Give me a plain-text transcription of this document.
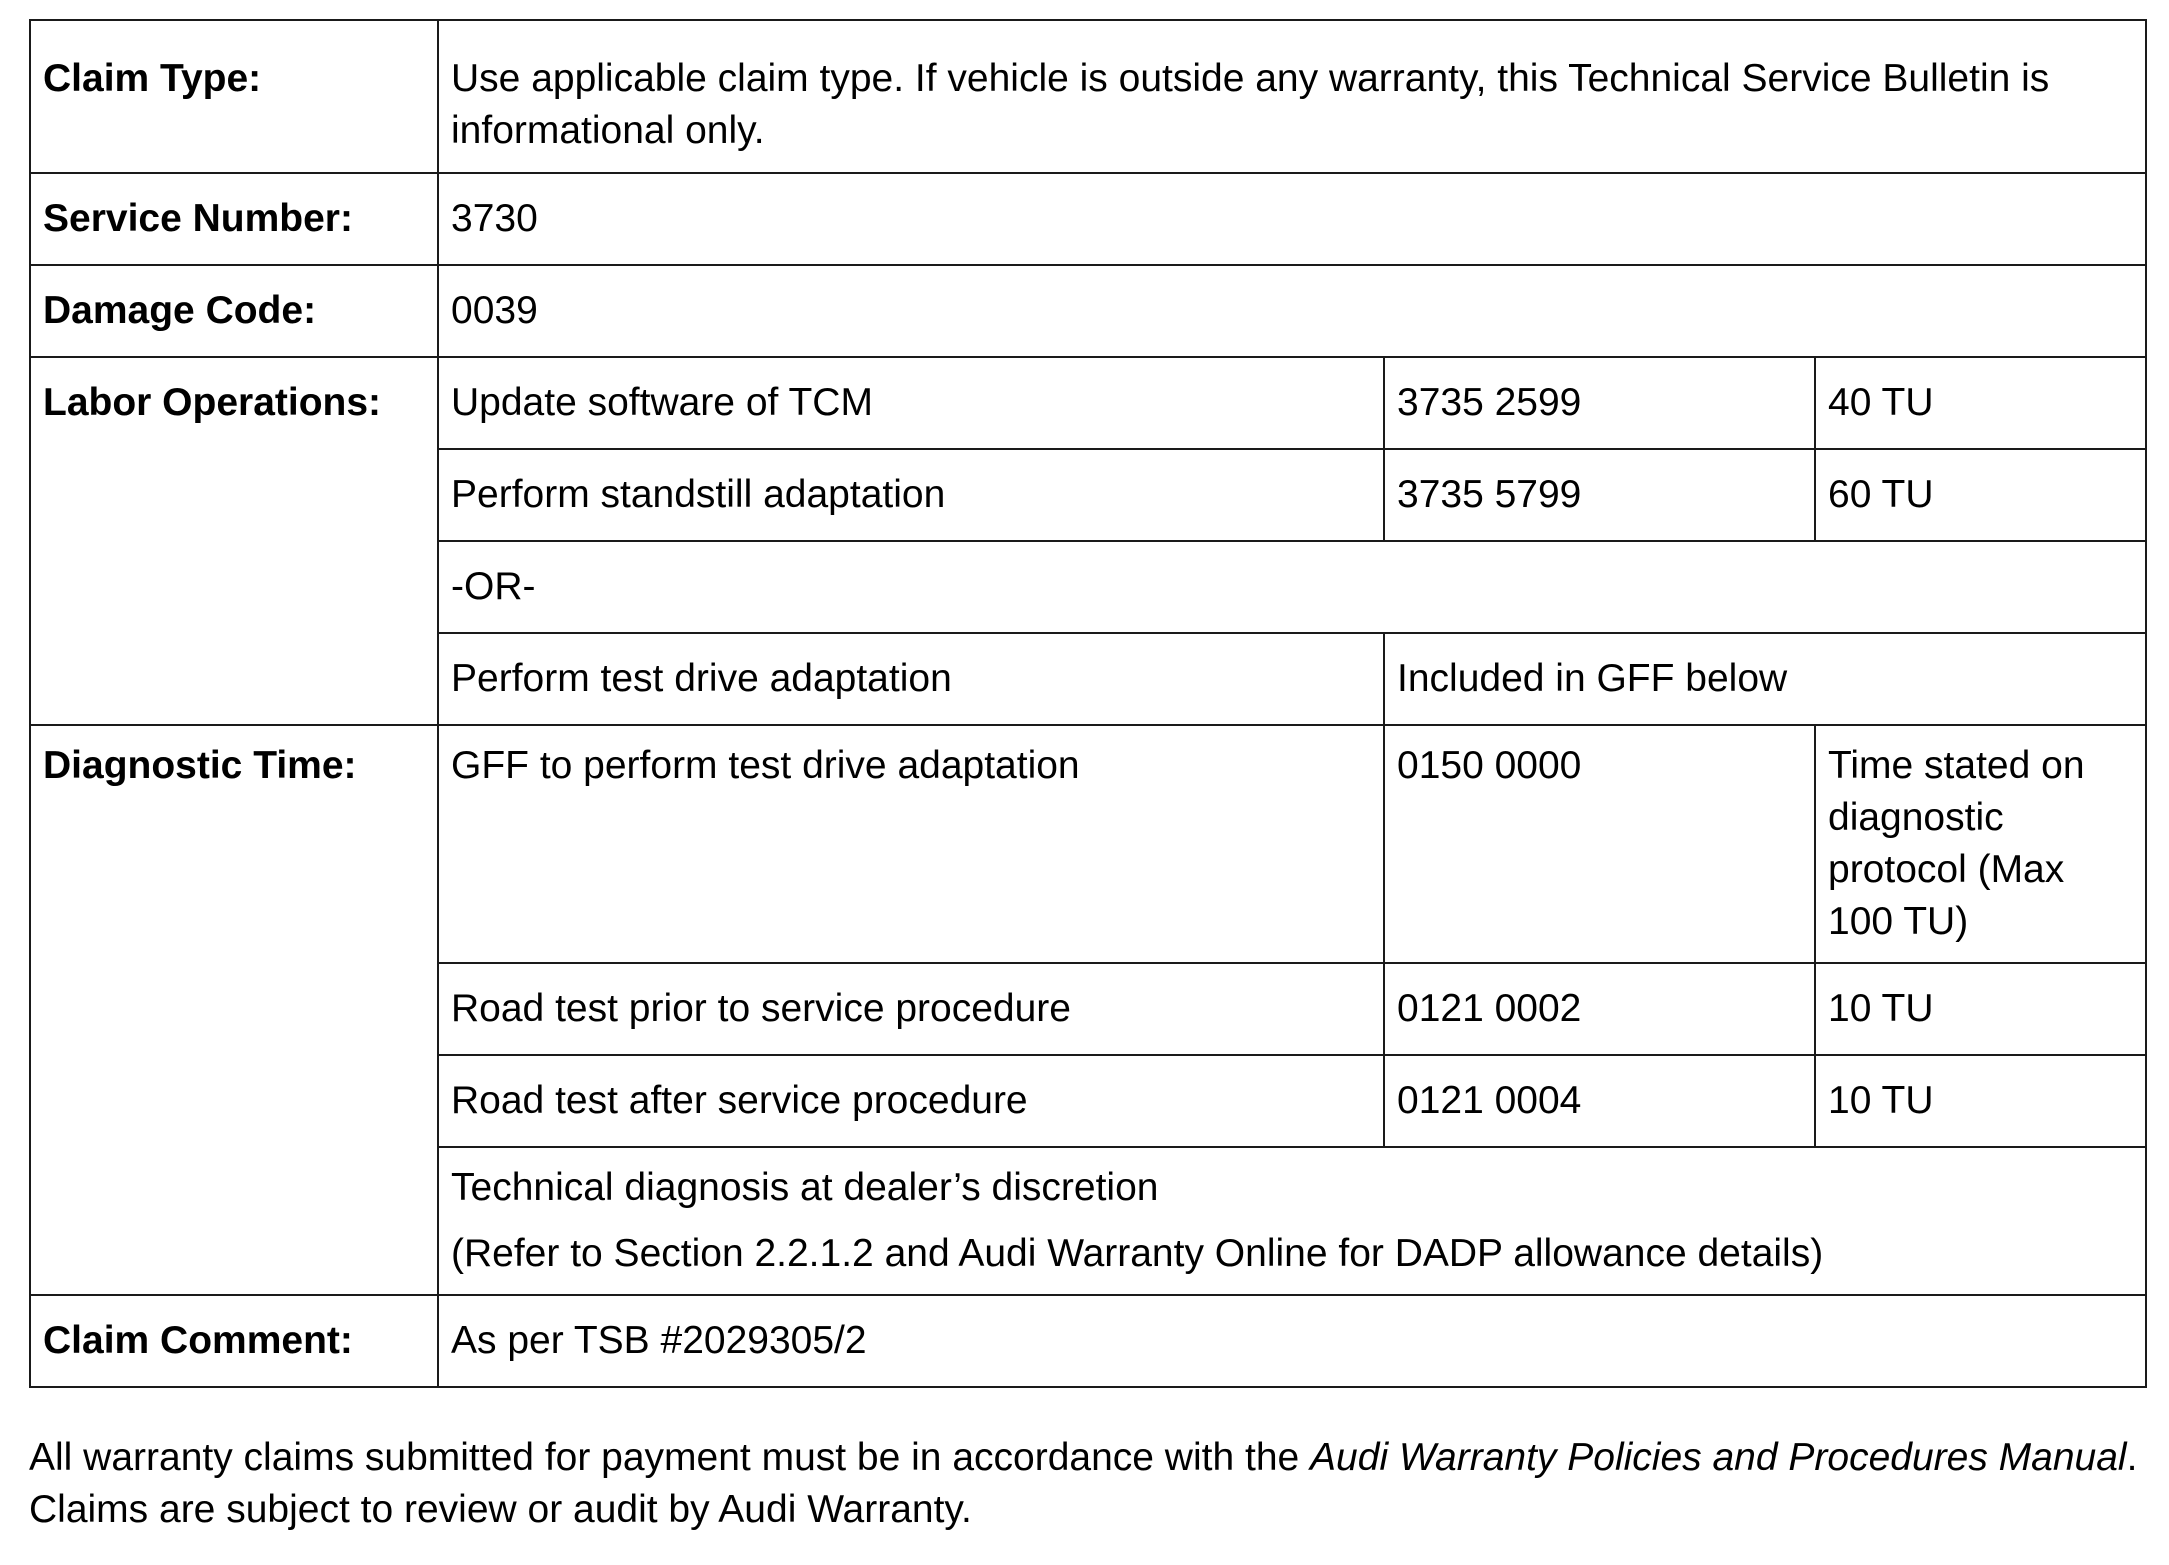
Claim Type:	Use applicable claim type. If vehicle is outside any warranty, this Technical Service Bulletin is informational only.		
Service Number:	3730		
Damage Code:	0039		
Labor Operations:	Update software of TCM	3735 2599	40 TU
	Perform standstill adaptation	3735 5799	60 TU
	-OR-		
	Perform test drive adaptation	Included in GFF below	
Diagnostic Time:	GFF to perform test drive adaptation	0150 0000	Time stated on diagnostic protocol (Max 100 TU)
	Road test prior to service procedure	0121 0002	10 TU
	Road test after service procedure	0121 0004	10 TU

	Technical diagnosis at dealer’s discretion
(Refer to Section 2.2.1.2 and Audi Warranty Online for DADP allowance details)		

Claim Comment:	As per TSB #2029305/2		
All warranty claims submitted for payment must be in accordance with the Audi Warranty Policies and Procedures Manual. Claims are subject to review or audit by Audi Warranty.
